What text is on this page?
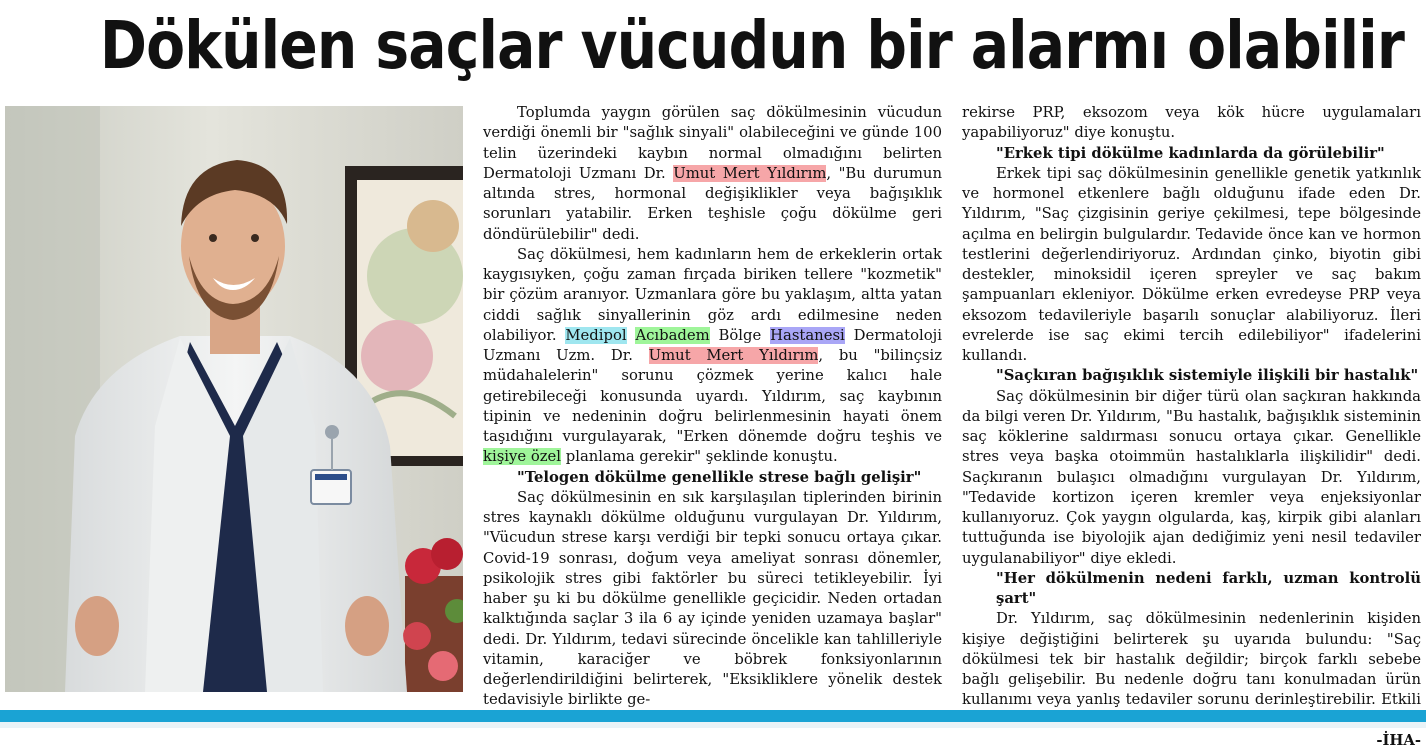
Dökülen saçlar vücudun bir alarmı olabilir

Toplumda yaygın görülen saç dökülmesinin vücudun verdiği önemli bir "sağlık sinyali" olabileceğini ve günde 100 telin üzerindeki kaybın normal olmadığını belirten Dermatoloji Uzmanı Dr. Umut Mert Yıldırım, "Bu durumun altında stres, hormonal değişiklikler veya bağışıklık sorunları yatabilir. Erken teşhisle çoğu dökülme geri döndürülebilir" dedi.

Saç dökülmesi, hem kadınların hem de erkeklerin ortak kaygısıyken, çoğu zaman fırçada biriken tellere "kozmetik" bir çözüm aranıyor. Uzmanlara göre bu yaklaşım, altta yatan ciddi sağlık sinyallerinin göz ardı edilmesine neden olabiliyor. Medipol Acıbadem Bölge Hastanesi Dermatoloji Uzmanı Uzm. Dr. Umut Mert Yıldırım, bu "bilinçsiz müdahalelerin" sorunu çözmek yerine kalıcı hale getirebileceği konusunda uyardı. Yıldırım, saç kaybının tipinin ve nedeninin doğru belirlenmesinin hayati önem taşıdığını vurgulayarak, "Erken dönemde doğru teşhis ve kişiye özel planlama gerekir" şeklinde konuştu.

"Telogen dökülme genellikle strese bağlı gelişir"

Saç dökülmesinin en sık karşılaşılan tiplerinden birinin stres kaynaklı dökülme olduğunu vurgulayan Dr. Yıldırım, "Vücudun strese karşı verdiği bir tepki sonucu ortaya çıkar. Covid-19 sonrası, doğum veya ameliyat sonrası dönemler, psikolojik stres gibi faktörler bu süreci tetikleyebilir. İyi haber şu ki bu dökülme genellikle geçicidir. Neden ortadan kalktığında saçlar 3 ila 6 ay içinde yeniden uzamaya başlar" dedi. Dr. Yıldırım, tedavi sürecinde öncelikle kan tahlilleriyle vitamin, karaciğer ve böbrek fonksiyonlarının değerlendirildiğini belirterek, "Eksikliklere yönelik destek tedavisiyle birlikte ge-

rekirse PRP, eksozom veya kök hücre uygulamaları yapabiliyoruz" diye konuştu.

"Erkek tipi dökülme kadınlarda da görülebilir"

Erkek tipi saç dökülmesinin genellikle genetik yatkınlık ve hormonel etkenlere bağlı olduğunu ifade eden Dr. Yıldırım, "Saç çizgisinin geriye çekilmesi, tepe bölgesinde açılma en belirgin bulgulardır. Tedavide önce kan ve hormon testlerini değerlendiriyoruz. Ardından çinko, biyotin gibi destekler, minoksidil içeren spreyler ve saç bakım şampuanları ekleniyor. Dökülme erken evredeyse PRP veya eksozom tedavileriyle başarılı sonuçlar alabiliyoruz. İleri evrelerde ise saç ekimi tercih edilebiliyor" ifadelerini kullandı.

"Saçkıran bağışıklık sistemiyle ilişkili bir hastalık"

Saç dökülmesinin bir diğer türü olan saçkıran hakkında da bilgi veren Dr. Yıldırım, "Bu hastalık, bağışıklık sisteminin saç köklerine saldırması sonucu ortaya çıkar. Genellikle stres veya başka otoimmün hastalıklarla ilişkilidir" dedi. Saçkıranın bulaşıcı olmadığını vurgulayan Dr. Yıldırım, "Tedavide kortizon içeren kremler veya enjeksiyonlar kullanıyoruz. Çok yaygın olgularda, kaş, kirpik gibi alanları tuttuğunda ise biyolojik ajan dediğimiz yeni nesil tedaviler uygulanabiliyor" diye ekledi.

"Her dökülmenin nedeni farklı, uzman kontrolü şart"

Dr. Yıldırım, saç dökülmesinin nedenlerinin kişiden kişiye değiştiğini belirterek şu uyarıda bulundu: "Saç dökülmesi tek bir hastalık değildir; birçok farklı sebebe bağlı gelişebilir. Bu nedenle doğru tanı konulmadan ürün kullanımı veya yanlış tedaviler sorunu derinleştirebilir. Etkili
-İHA-
